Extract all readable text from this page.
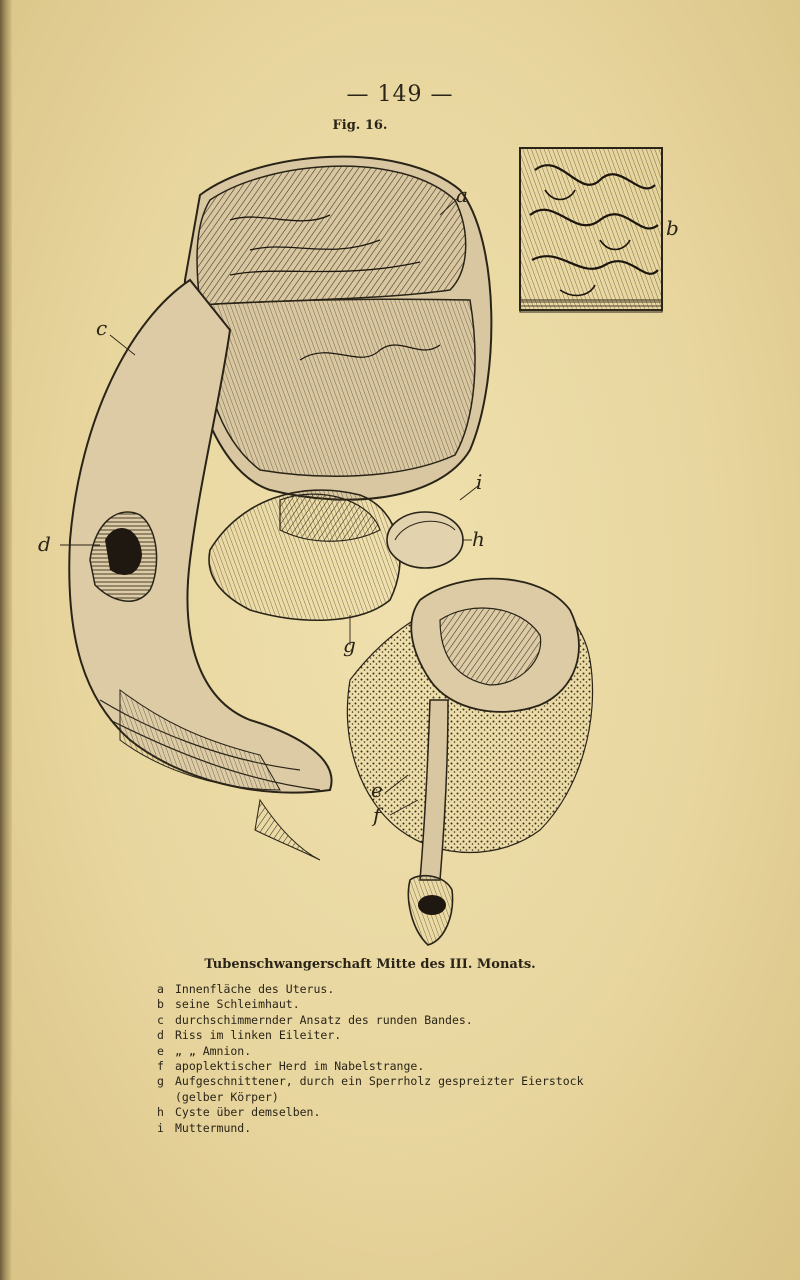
— 149 —
Fig. 16.
a
b
c
d
i
h
g
e
f
Tubenschwangerschaft Mitte des III. Monats.
a Innenfläche des Uterus.
b seine Schleimhaut.
c durchschimmernder Ansatz des runden Bandes.
d Riss im linken Eileiter.
e „ „ Amnion.
f apoplektischer Herd im Nabelstrange.
g Aufgeschnittener, durch ein Sperrholz gespreizter Eierstock
(gelber Körper)
h Cyste über demselben.
i Muttermund.
